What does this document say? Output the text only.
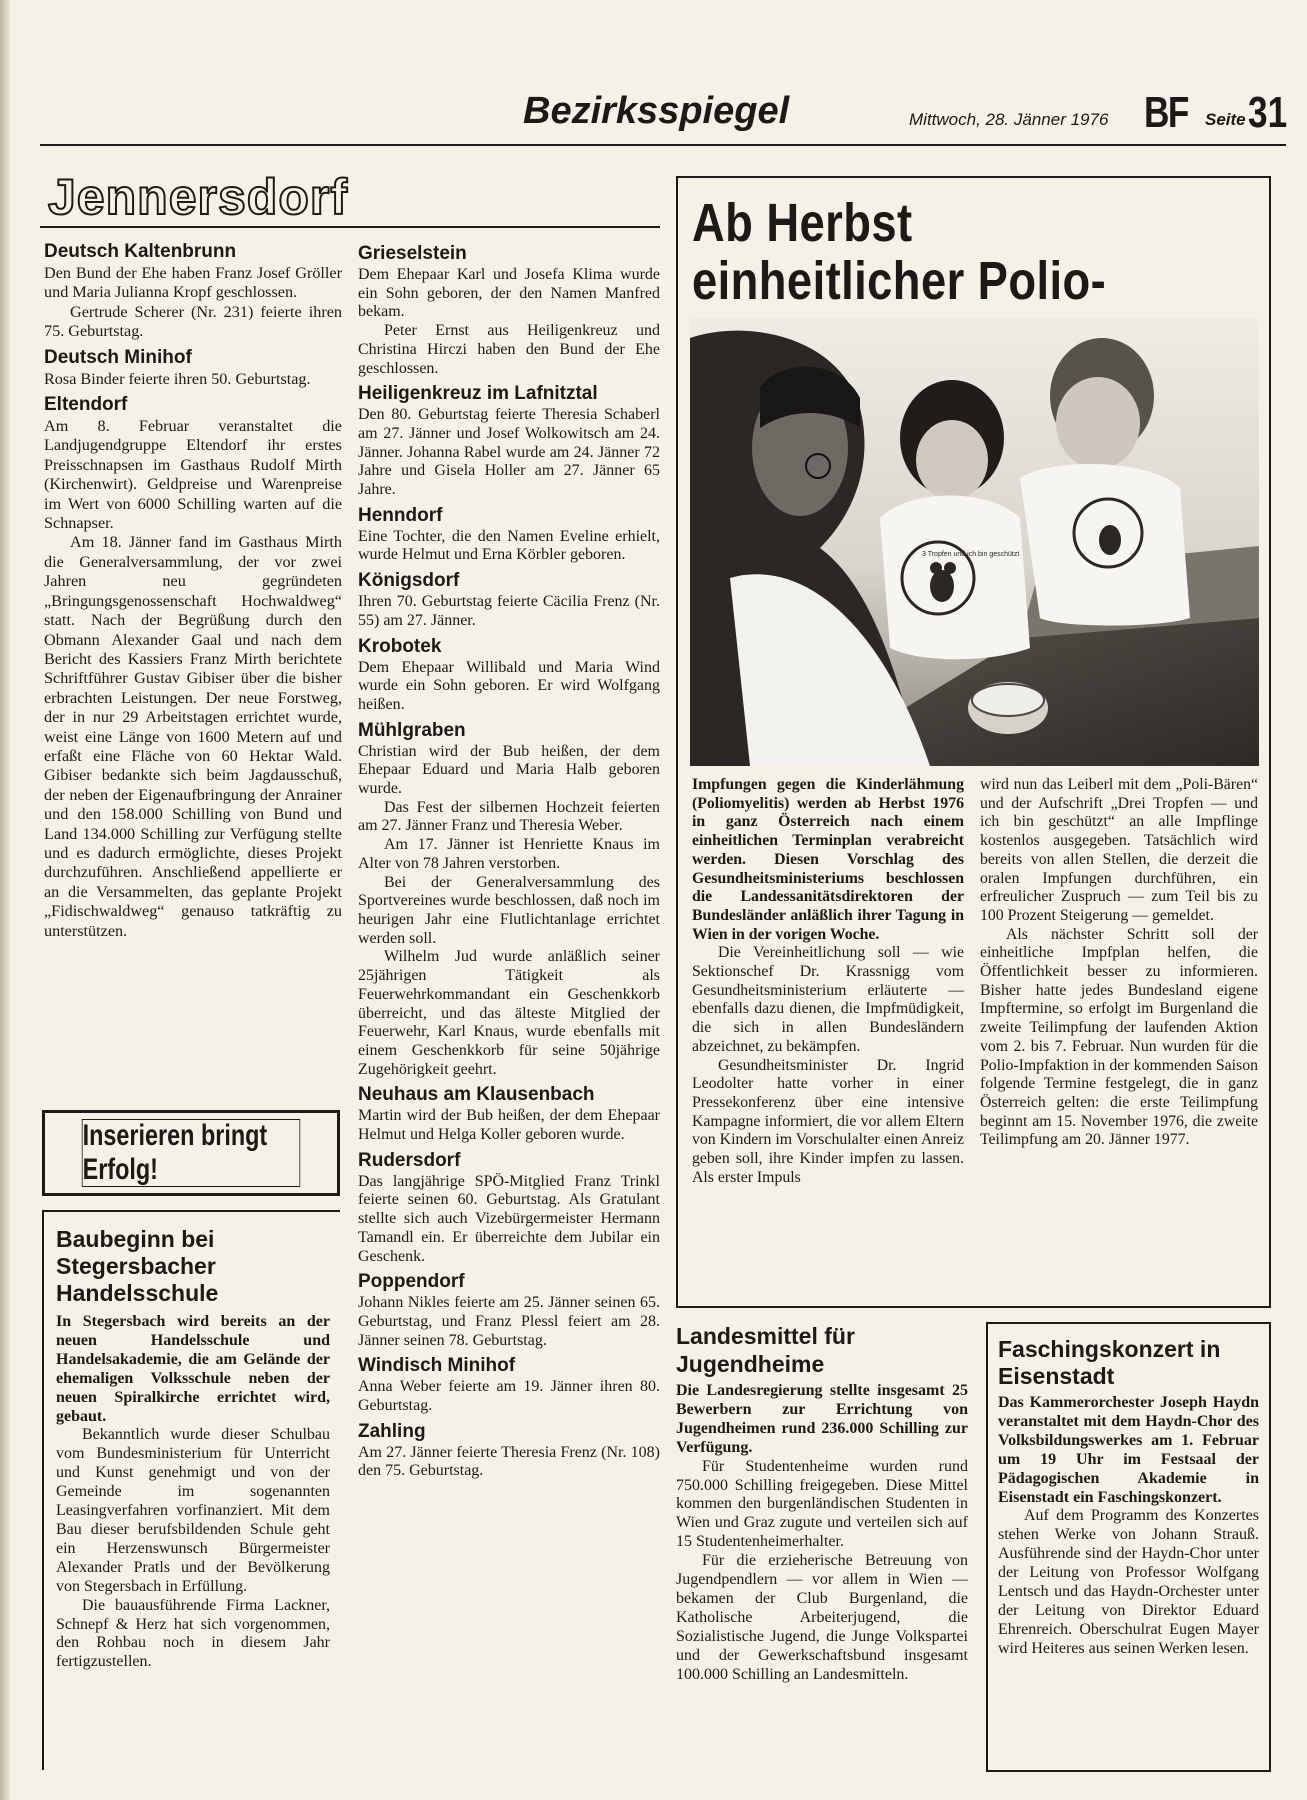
Bezirksspiegel	Mittwoch, 28. Jänner 1976 BF Seite 31
Jennersdorf
Deutsch Kaltenbrunn

Den Bund der Ehe haben Franz Josef Gröller und Maria Julianna Kropf geschlossen.

Gertrude Scherer (Nr. 231) feierte ihren 75. Geburtstag.

Deutsch Minihof

Rosa Binder feierte ihren 50. Geburtstag.

Eltendorf

Am 8. Februar veranstaltet die Landjugendgruppe Eltendorf ihr erstes Preisschnapsen im Gasthaus Rudolf Mirth (Kirchenwirt). Geldpreise und Warenpreise im Wert von 6000 Schilling warten auf die Schnapser.

Am 18. Jänner fand im Gasthaus Mirth die Generalversammlung, der vor zwei Jahren neu gegründeten „Bringungsgenossenschaft Hochwaldweg“ statt. Nach der Begrüßung durch den Obmann Alexander Gaal und nach dem Bericht des Kassiers Franz Mirth berichtete Schriftführer Gustav Gibiser über die bisher erbrachten Leistungen. Der neue Forstweg, der in nur 29 Arbeitstagen errichtet wurde, weist eine Länge von 1600 Metern auf und erfaßt eine Fläche von 60 Hektar Wald. Gibiser bedankte sich beim Jagdausschuß, der neben der Eigenaufbringung der Anrainer und den 158.000 Schilling von Bund und Land 134.000 Schilling zur Verfügung stellte und es dadurch ermöglichte, dieses Projekt durchzuführen. Anschließend appellierte er an die Versammelten, das geplante Projekt „Fidischwaldweg“ genauso tatkräftig zu unterstützen.

Inserieren bringt Erfolg!
Baubeginn bei Stegersbacher Handelsschule

In Stegersbach wird bereits an der neuen Handelsschule und Handelsakademie, die am Gelände der ehemaligen Volksschule neben der neuen Spiralkirche errichtet wird, gebaut.

Bekanntlich wurde dieser Schulbau vom Bundesministerium für Unterricht und Kunst genehmigt und von der Gemeinde im sogenannten Leasingverfahren vorfinanziert. Mit dem Bau dieser berufsbildenden Schule geht ein Herzenswunsch Bürgermeister Alexander Pratls und der Bevölkerung von Stegersbach in Erfüllung.

Die bauausführende Firma Lackner, Schnepf & Herz hat sich vorgenommen, den Rohbau noch in diesem Jahr fertigzustellen.

Grieselstein

Dem Ehepaar Karl und Josefa Klima wurde ein Sohn geboren, der den Namen Manfred bekam.

Peter Ernst aus Heiligenkreuz und Christina Hirczi haben den Bund der Ehe geschlossen.

Heiligenkreuz im Lafnitztal

Den 80. Geburtstag feierte Theresia Schaberl am 27. Jänner und Josef Wolkowitsch am 24. Jänner. Johanna Rabel wurde am 24. Jänner 72 Jahre und Gisela Holler am 27. Jänner 65 Jahre.

Henndorf

Eine Tochter, die den Namen Eveline erhielt, wurde Helmut und Erna Körbler geboren.

Königsdorf

Ihren 70. Geburtstag feierte Cäcilia Frenz (Nr. 55) am 27. Jänner.

Krobotek

Dem Ehepaar Willibald und Maria Wind wurde ein Sohn geboren. Er wird Wolfgang heißen.

Mühlgraben

Christian wird der Bub heißen, der dem Ehepaar Eduard und Maria Halb geboren wurde.

Das Fest der silbernen Hochzeit feierten am 27. Jänner Franz und Theresia Weber.

Am 17. Jänner ist Henriette Knaus im Alter von 78 Jahren verstorben.

Bei der Generalversammlung des Sportvereines wurde beschlossen, daß noch im heurigen Jahr eine Flutlichtanlage errichtet werden soll.

Wilhelm Jud wurde anläßlich seiner 25jährigen Tätigkeit als Feuerwehrkommandant ein Geschenkkorb überreicht, und das älteste Mitglied der Feuerwehr, Karl Knaus, wurde ebenfalls mit einem Geschenkkorb für seine 50jährige Zugehörigkeit geehrt.

Neuhaus am Klausenbach

Martin wird der Bub heißen, der dem Ehepaar Helmut und Helga Koller geboren wurde.

Rudersdorf

Das langjährige SPÖ-Mitglied Franz Trinkl feierte seinen 60. Geburtstag. Als Gratulant stellte sich auch Vizebürgermeister Hermann Tamandl ein. Er überreichte dem Jubilar ein Geschenk.

Poppendorf

Johann Nikles feierte am 25. Jänner seinen 65. Geburtstag, und Franz Plessl feiert am 28. Jänner seinen 78. Geburtstag.

Windisch Minihof

Anna Weber feierte am 19. Jänner ihren 80. Geburtstag.

Zahling

Am 27. Jänner feierte Theresia Frenz (Nr. 108) den 75. Geburtstag.

Ab Herbst einheitlicher Polio-
3 Tropfen und ich bin geschützt

Impfungen gegen die Kinderlähmung (Poliomyelitis) werden ab Herbst 1976 in ganz Österreich nach einem einheitlichen Terminplan verabreicht werden. Diesen Vorschlag des Gesundheitsministeriums beschlossen die Landessanitätsdirektoren der Bundesländer anläßlich ihrer Tagung in Wien in der vorigen Woche.

Die Vereinheitlichung soll — wie Sektionschef Dr. Krassnigg vom Gesundheitsministerium erläuterte — ebenfalls dazu dienen, die Impfmüdigkeit, die sich in allen Bundesländern abzeichnet, zu bekämpfen.

Gesundheitsminister Dr. Ingrid Leodolter hatte vorher in einer Pressekonferenz über eine intensive Kampagne informiert, die vor allem Eltern von Kindern im Vorschulalter einen Anreiz geben soll, ihre Kinder impfen zu lassen. Als erster Impuls

wird nun das Leiberl mit dem „Poli-Bären“ und der Aufschrift „Drei Tropfen — und ich bin geschützt“ an alle Impflinge kostenlos ausgegeben. Tatsächlich wird bereits von allen Stellen, die derzeit die oralen Impfungen durchführen, ein erfreulicher Zuspruch — zum Teil bis zu 100 Prozent Steigerung — gemeldet.

Als nächster Schritt soll der einheitliche Impfplan helfen, die Öffentlichkeit besser zu informieren. Bisher hatte jedes Bundesland eigene Impftermine, so erfolgt im Burgenland die zweite Teilimpfung der laufenden Aktion vom 2. bis 7. Februar. Nun wurden für die Polio-Impfaktion in der kommenden Saison folgende Termine festgelegt, die in ganz Österreich gelten: die erste Teilimpfung beginnt am 15. November 1976, die zweite Teilimpfung am 20. Jänner 1977.

Landesmittel für Jugendheime

Die Landesregierung stellte insgesamt 25 Bewerbern zur Errichtung von Jugendheimen rund 236.000 Schilling zur Verfügung.

Für Studentenheime wurden rund 750.000 Schilling freigegeben. Diese Mittel kommen den burgenländischen Studenten in Wien und Graz zugute und verteilen sich auf 15 Studentenheimerhalter.

Für die erzieherische Betreuung von Jugendpendlern — vor allem in Wien — bekamen der Club Burgenland, die Katholische Arbeiterjugend, die Sozialistische Jugend, die Junge Volkspartei und der Gewerkschaftsbund insgesamt 100.000 Schilling an Landesmitteln.

Faschingskonzert in Eisenstadt

Das Kammerorchester Joseph Haydn veranstaltet mit dem Haydn-Chor des Volksbildungswerkes am 1. Februar um 19 Uhr im Festsaal der Pädagogischen Akademie in Eisenstadt ein Faschingskonzert.

Auf dem Programm des Konzertes stehen Werke von Johann Strauß. Ausführende sind der Haydn-Chor unter der Leitung von Professor Wolfgang Lentsch und das Haydn-Orchester unter der Leitung von Direktor Eduard Ehrenreich. Oberschulrat Eugen Mayer wird Heiteres aus seinen Werken lesen.
